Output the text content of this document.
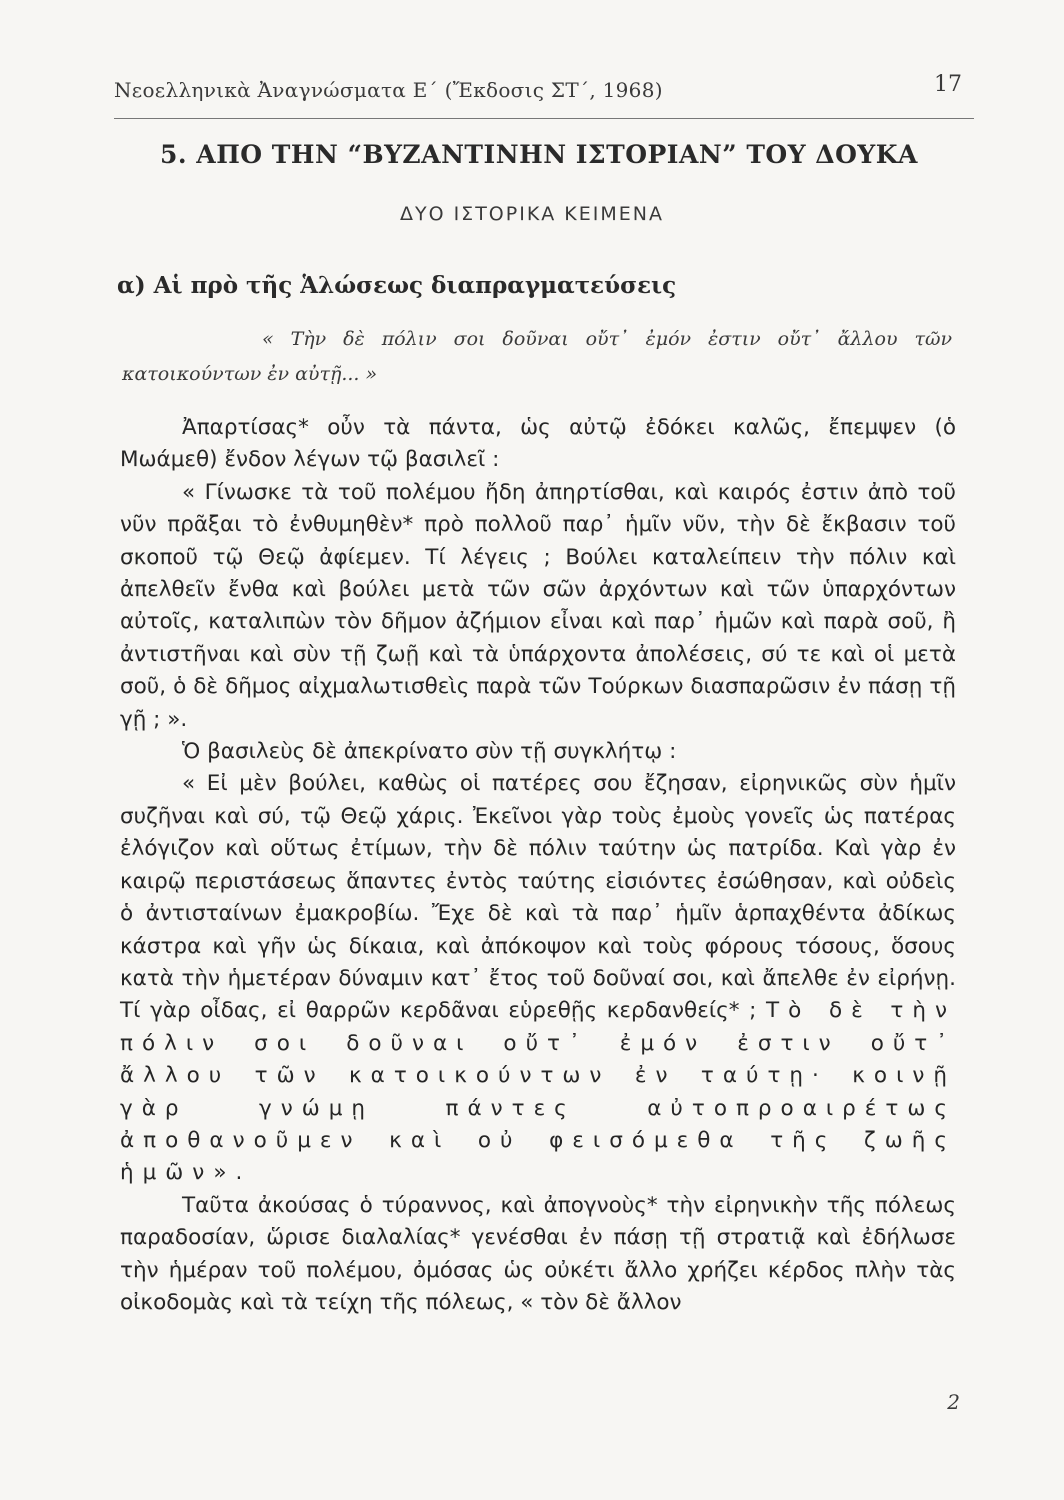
Νεοελληνικὰ Ἀναγνώσματα Ε΄ (Ἔκδοσις ΣΤ΄, 1968)	17
5. ΑΠΟ ΤΗΝ “ΒΥΖΑΝΤΙΝΗΝ ΙΣΤΟΡΙΑΝ” ΤΟΥ ΔΟΥΚΑ
ΔΥΟ ΙΣΤΟΡΙΚΑ ΚΕΙΜΕΝΑ
α) Αἱ πρὸ τῆς Ἁλώσεως διαπραγματεύσεις
« Τὴν δὲ πόλιν σοι δοῦναι οὔτ᾽ ἐμόν ἐστιν οὔτ᾽ ἄλλου τῶν κατοικούντων ἐν αὐτῇ... »

Ἀπαρτίσας* οὖν τὰ πάντα, ὡς αὐτῷ ἐδόκει καλῶς, ἔπεμψεν (ὁ Μωάμεθ) ἔνδον λέγων τῷ βασιλεῖ :

« Γίνωσκε τὰ τοῦ πολέμου ἤδη ἀπηρτίσθαι, καὶ καιρός ἐστιν ἀπὸ τοῦ νῦν πρᾶξαι τὸ ἐνθυμηθὲν* πρὸ πολλοῦ παρ᾽ ἡμῖν νῦν, τὴν δὲ ἔκβασιν τοῦ σκοποῦ τῷ Θεῷ ἀφίεμεν. Τί λέγεις ; Βούλει καταλείπειν τὴν πόλιν καὶ ἀπελθεῖν ἔνθα καὶ βούλει μετὰ τῶν σῶν ἀρχόντων καὶ τῶν ὑπαρχόντων αὐτοῖς, καταλιπὼν τὸν δῆμον ἀζήμιον εἶναι καὶ παρ᾽ ἡμῶν καὶ παρὰ σοῦ, ἢ ἀντιστῆναι καὶ σὺν τῇ ζωῇ καὶ τὰ ὑπάρχοντα ἀπολέσεις, σύ τε καὶ οἱ μετὰ σοῦ, ὁ δὲ δῆμος αἰχμαλωτισθεὶς παρὰ τῶν Τούρκων διασπαρῶσιν ἐν πάσῃ τῇ γῇ ; ».

Ὁ βασιλεὺς δὲ ἀπεκρίνατο σὺν τῇ συγκλήτῳ :

« Εἰ μὲν βούλει, καθὼς οἱ πατέρες σου ἔζησαν, εἰρηνικῶς σὺν ἡμῖν συζῆναι καὶ σύ, τῷ Θεῷ χάρις. Ἐκεῖνοι γὰρ τοὺς ἐμοὺς γονεῖς ὡς πατέρας ἐλόγιζον καὶ οὕτως ἐτίμων, τὴν δὲ πόλιν ταύτην ὡς πατρίδα. Καὶ γὰρ ἐν καιρῷ περιστάσεως ἅπαντες ἐντὸς ταύτης εἰσιόντες ἐσώθησαν, καὶ οὐδεὶς ὁ ἀντισταίνων ἐμακροβίω. Ἔχε δὲ καὶ τὰ παρ᾽ ἡμῖν ἁρπαχθέντα ἀδίκως κάστρα καὶ γῆν ὡς δίκαια, καὶ ἀπόκοψον καὶ τοὺς φόρους τόσους, ὅσους κατὰ τὴν ἡμετέραν δύναμιν κατ᾽ ἔτος τοῦ δοῦναί σοι, καὶ ἄπελθε ἐν εἰρήνῃ. Τί γὰρ οἶδας, εἰ θαρρῶν κερδᾶναι εὑρεθῇς κερδανθείς* ; Τὸ δὲ τὴν πόλιν σοι δοῦναι οὔτ᾽ ἐμόν ἐστιν οὔτ᾽ ἄλλου τῶν κατοικούντων ἐν ταύτῃ· κοινῇ γὰρ γνώμῃ πάντες αὐτοπροαιρέτως ἀποθανοῦμεν καὶ οὐ φεισόμεθα τῆς ζωῆς ἡμῶν».

Ταῦτα ἀκούσας ὁ τύραννος, καὶ ἀπογνοὺς* τὴν εἰρηνικὴν τῆς πόλεως παραδοσίαν, ὥρισε διαλαλίας* γενέσθαι ἐν πάσῃ τῇ στρατιᾷ καὶ ἐδήλωσε τὴν ἡμέραν τοῦ πολέμου, ὀμόσας ὡς οὐκέτι ἄλλο χρήζει κέρδος πλὴν τὰς οἰκοδομὰς καὶ τὰ τείχη τῆς πόλεως, « τὸν δὲ ἄλλον

2
